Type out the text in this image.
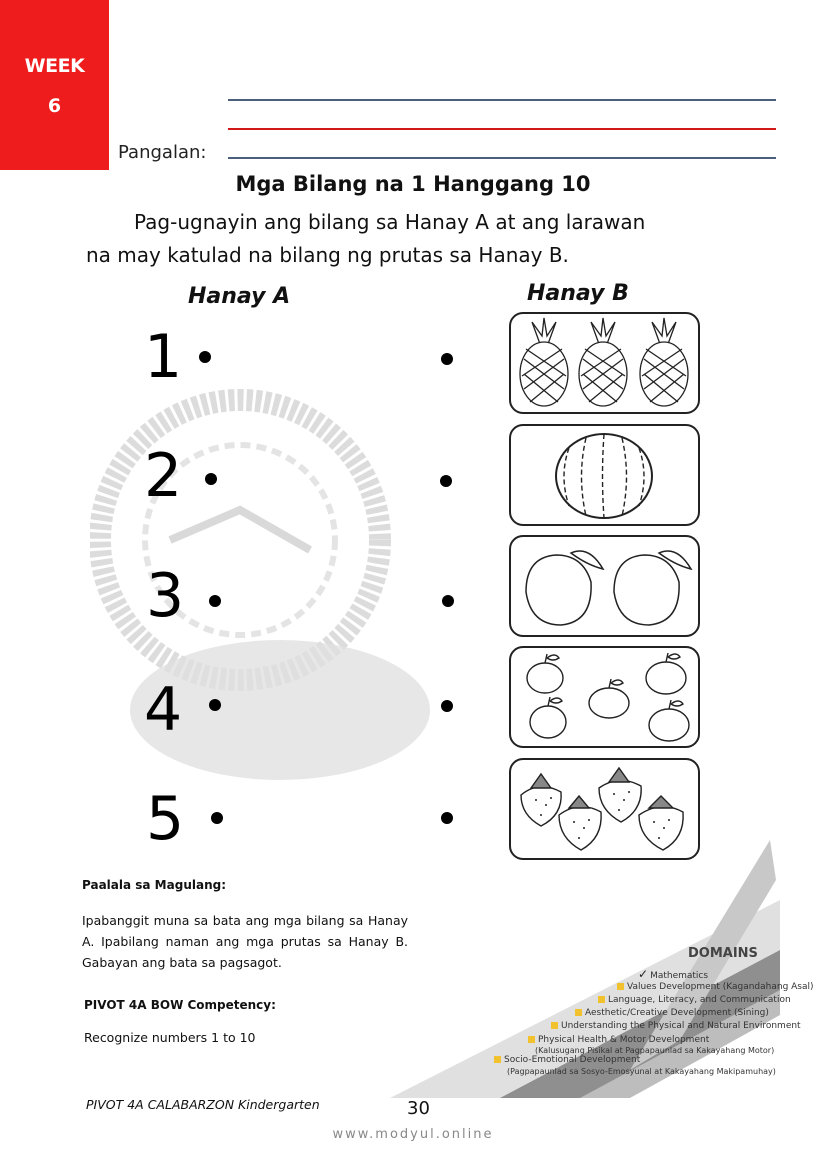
WEEK
6
Pangalan:
Mga Bilang na 1 Hanggang 10
Pag-ugnayin ang bilang sa Hanay A at ang larawan
na may katulad na bilang ng prutas sa Hanay B.
Hanay A	Hanay B
1
2
3
4
5
DOMAINS
✓ Mathematics
Values Development (Kagandahang Asal)
Language, Literacy, and Communication
Aesthetic/Creative Development (Sining)
Understanding the Physical and Natural Environment
Physical Health & Motor Development
(Kalusugang Pisikal at Pagpapaunlad sa Kakayahang Motor)
Socio-Emotional Development
(Pagpapaunlad sa Sosyo-Emosyunal at Kakayahang Makipamuhay)
Paalala sa Magulang:
Ipabanggit muna sa bata ang mga bilang sa Hanay A. Ipabilang naman ang mga prutas sa Hanay B. Gabayan ang bata sa pagsagot.
PIVOT 4A BOW Competency:
Recognize numbers 1 to 10
PIVOT 4A CALABARZON Kindergarten	30
www.modyul.online
